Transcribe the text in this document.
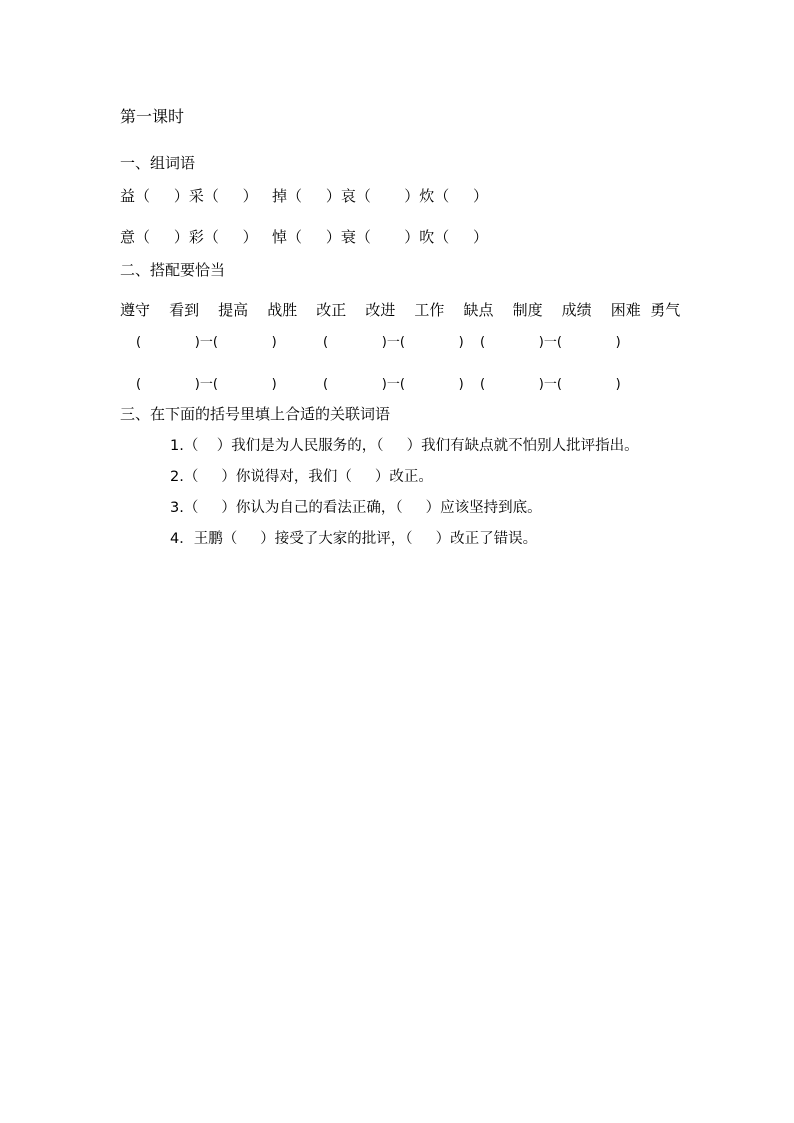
第一课时
一、组词语
益（     ）采（     ）   掉（     ）哀（       ）炊（     ）
意（     ）彩（     ）   悼（     ）衰（       ）吹（     ）
二、搭配要恰当
遵守    看到    提高    战胜    改正    改进    工作    缺点    制度    成绩    困难  勇气
(             )一(             )	(             )一(             ) (             )一(             )
(             )一(             )	(             )一(             ) (             )一(             )
三、在下面的括号里填上合适的关联词语
1.（    ）我们是为人民服务的，（     ）我们有缺点就不怕别人批评指出。
2.（     ）你说得对，我们（     ）改正。
3.（     ）你认为自己的看法正确，（     ）应该坚持到底。
4．王鹏（     ）接受了大家的批评，（     ）改正了错误。
